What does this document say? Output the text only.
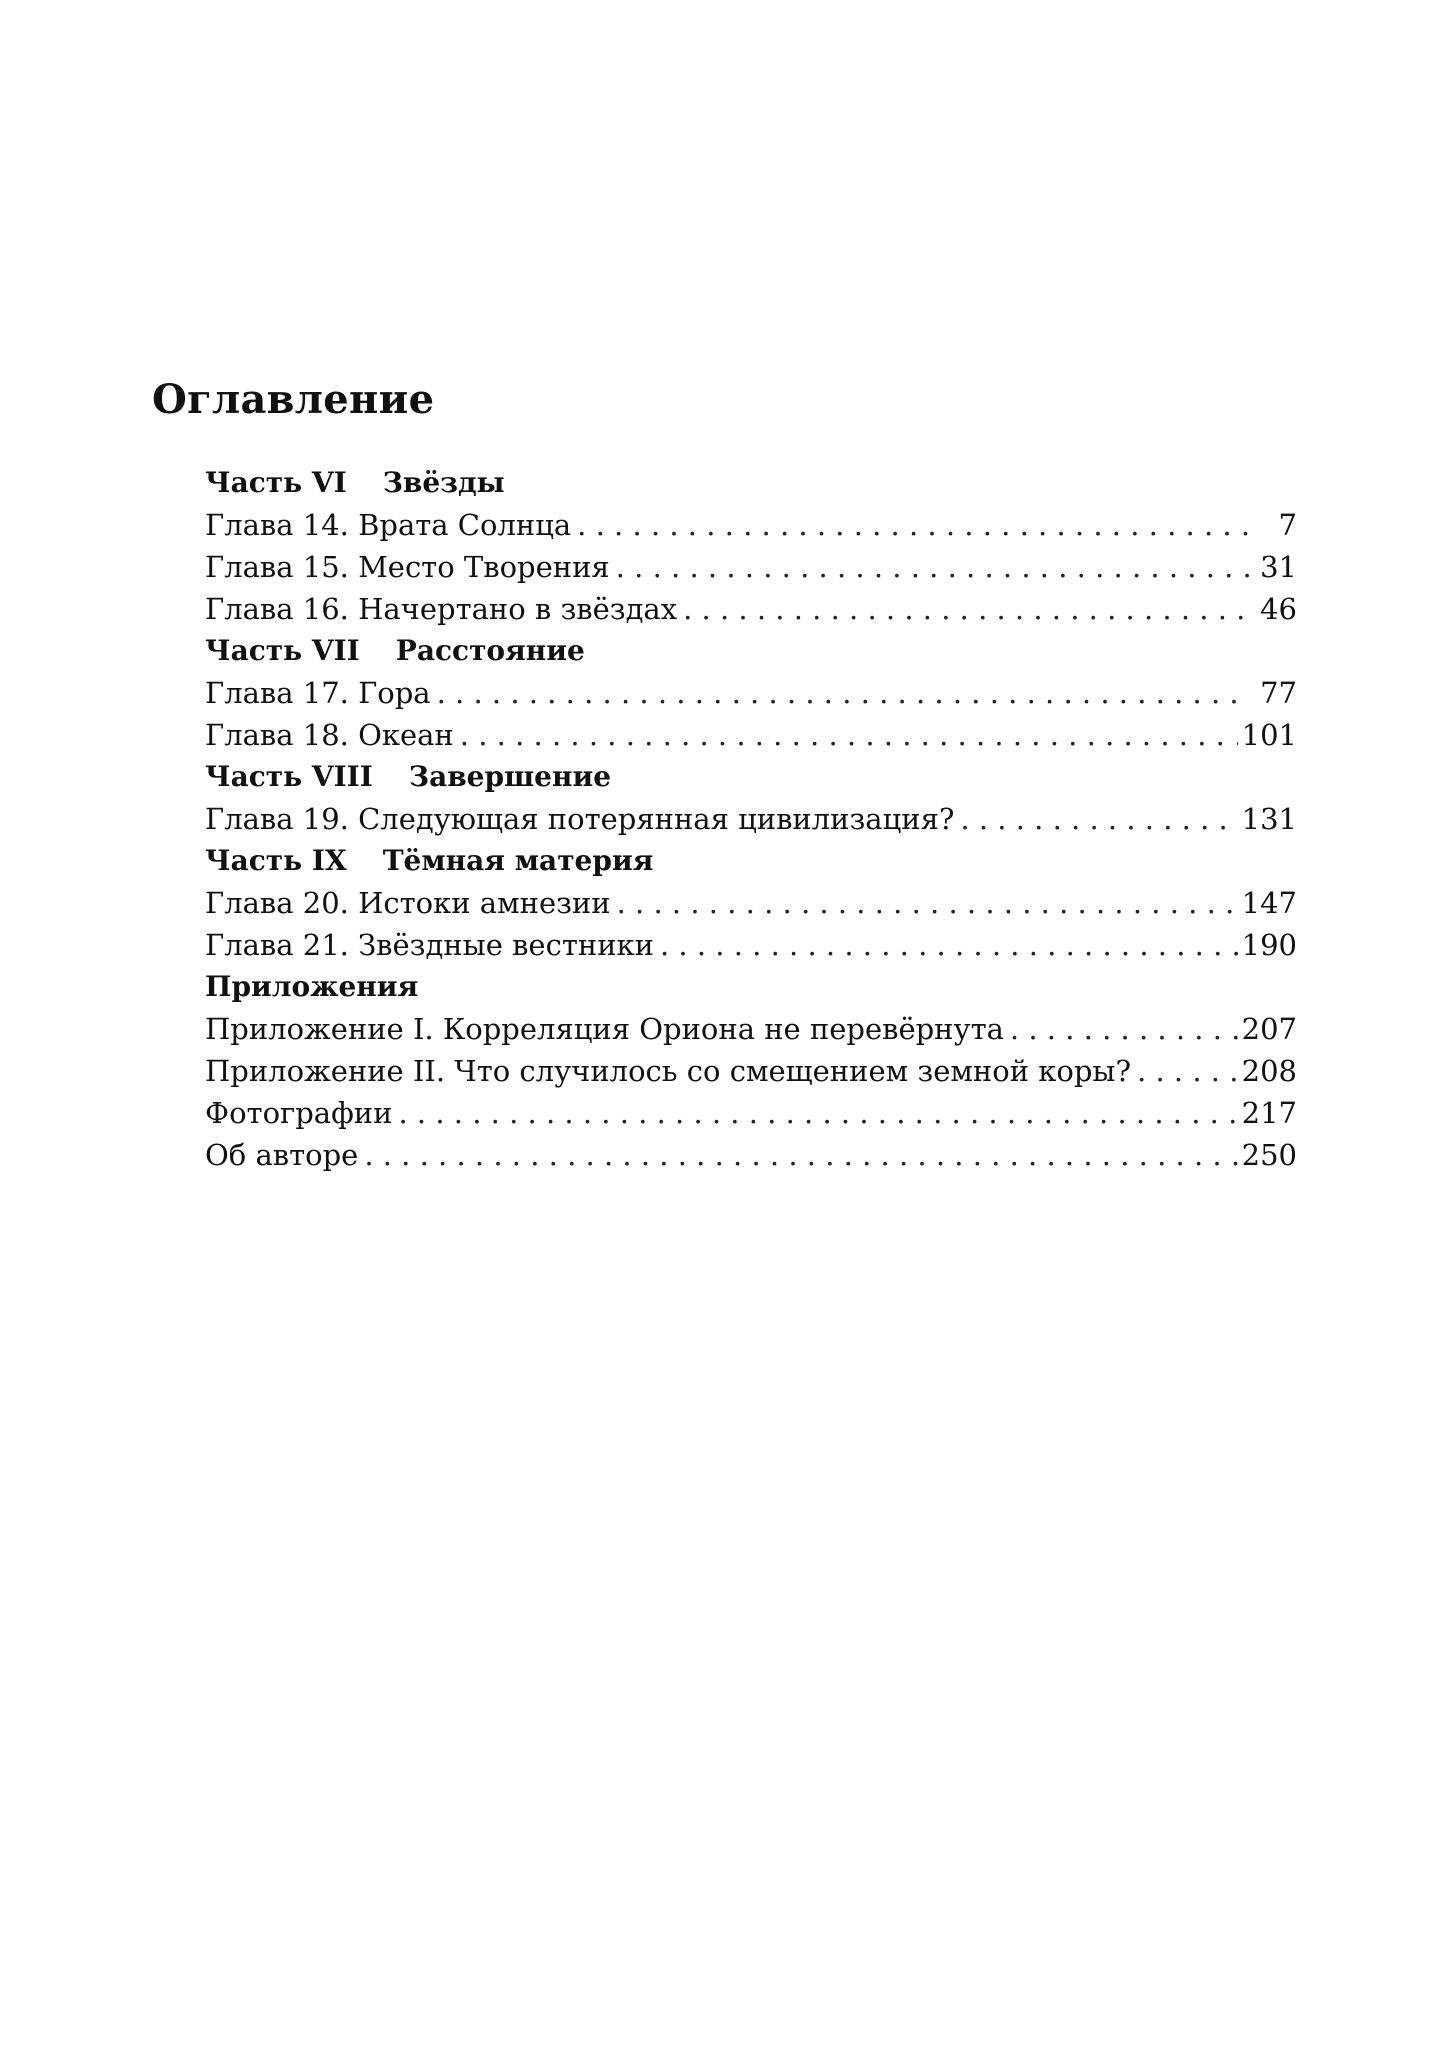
Оглавление
Часть VI Звёзды
Глава 14. Врата Солнца . . .	7
Глава 15. Место Творения . . .	31
Глава 16. Начертано в звёздах . . .	46
Часть VII Расстояние
Глава 17. Гора . . .	77
Глава 18. Океан . . .	101
Часть VIII Завершение
Глава 19. Следующая потерянная цивилизация? . . .	131
Часть IX Тёмная материя
Глава 20. Истоки амнезии . . .	147
Глава 21. Звёздные вестники . . .	190
Приложения
Приложение I. Корреляция Ориона не перевёрнута . . .	207
Приложение II. Что случилось со смещением земной коры? . . .	208
Фотографии . . .	217
Об авторе . . .	250
